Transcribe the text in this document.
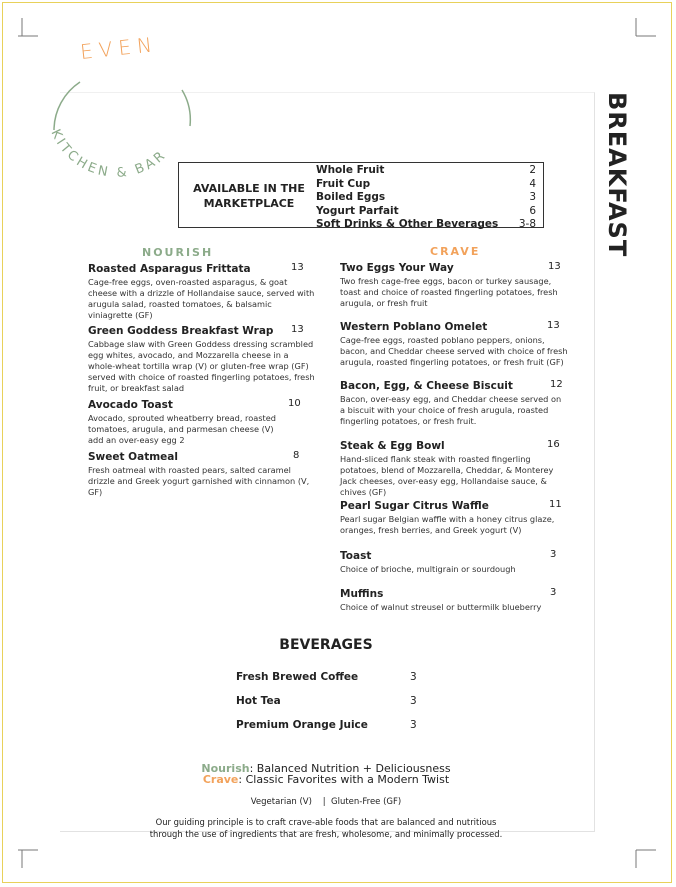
KITCHEN & BAR
EVEN
BREAKFAST
AVAILABLE IN THE MARKETPLACE
Whole Fruit	2
Fruit Cup	4
Boiled Eggs	3
Yogurt Parfait	6
Soft Drinks & Other Beverages 3-8
NOURISH	CRAVE
Roasted Asparagus Frittata	13
Cage-free eggs, oven-roasted asparagus, & goat cheese with a drizzle of Hollandaise sauce, served with arugula salad, roasted tomatoes, & balsamic viniagrette (GF)
Green Goddess Breakfast Wrap	13
Cabbage slaw with Green Goddess dressing scrambled egg whites, avocado, and Mozzarella cheese in a whole-wheat tortilla wrap (V) or gluten-free wrap (GF) served with choice of roasted fingerling potatoes, fresh fruit, or breakfast salad
Avocado Toast	10
Avocado, sprouted wheatberry bread, roasted tomatoes, arugula, and parmesan cheese (V)
add an over-easy egg 2
Sweet Oatmeal	8
Fresh oatmeal with roasted pears, salted caramel drizzle and Greek yogurt garnished with cinnamon (V, GF)
Two Eggs Your Way	13
Two fresh cage-free eggs, bacon or turkey sausage, toast and choice of roasted fingerling potatoes, fresh arugula, or fresh fruit
Western Poblano Omelet	13
Cage-free eggs, roasted poblano peppers, onions, bacon, and Cheddar cheese served with choice of fresh arugula, roasted fingerling potatoes, or fresh fruit (GF)
Bacon, Egg, & Cheese Biscuit	12
Bacon, over-easy egg, and Cheddar cheese served on a biscuit with your choice of fresh arugula, roasted fingerling potatoes, or fresh fruit.
Steak & Egg Bowl	16
Hand-sliced flank steak with roasted fingerling potatoes, blend of Mozzarella, Cheddar, & Monterey Jack cheeses, over-easy egg, Hollandaise sauce, & chives (GF)
Pearl Sugar Citrus Waffle	11
Pearl sugar Belgian waffle with a honey citrus glaze, oranges, fresh berries, and Greek yogurt (V)
Toast	3
Choice of brioche, multigrain or sourdough
Muffins	3
Choice of walnut streusel or buttermilk blueberry
BEVERAGES
Fresh Brewed Coffee	3
Hot Tea	3
Premium Orange Juice	3
Nourish: Balanced Nutrition + Deliciousness
Crave: Classic Favorites with a Modern Twist
Vegetarian (V)    |  Gluten-Free (GF)
Our guiding principle is to craft crave-able foods that are balanced and nutritious
through the use of ingredients that are fresh, wholesome, and minimally processed.
